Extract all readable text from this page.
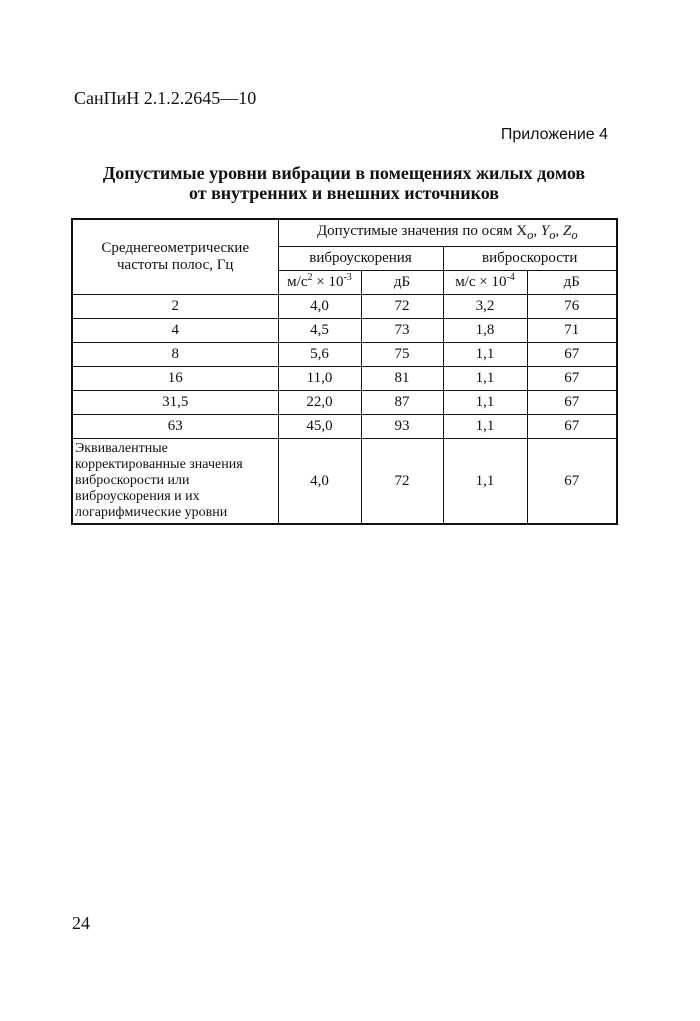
СанПиН 2.1.2.2645—10
Приложение 4
Допустимые уровни вибрации в помещениях жилых домов
от внутренних и внешних источников
Среднегеометрические частоты полос, Гц	Допустимые значения по осям $X_o$, $Y_o$, $Z_o$
	виброускорения		виброскорости	
	$м/с^2 \times 10^{-3}$	дБ	$м/с \times 10^{-4}$	дБ
2	4,0	72	3,2	76
4	4,5	73	1,8	71
8	5,6	75	1,1	67
16	11,0	81	1,1	67
31,5	22,0	87	1,1	67
63	45,0	93	1,1	67
Эквивалентные корректированные значения виброскорости или виброускорения и их логарифмические уровни	4,0	72	1,1	67
24
